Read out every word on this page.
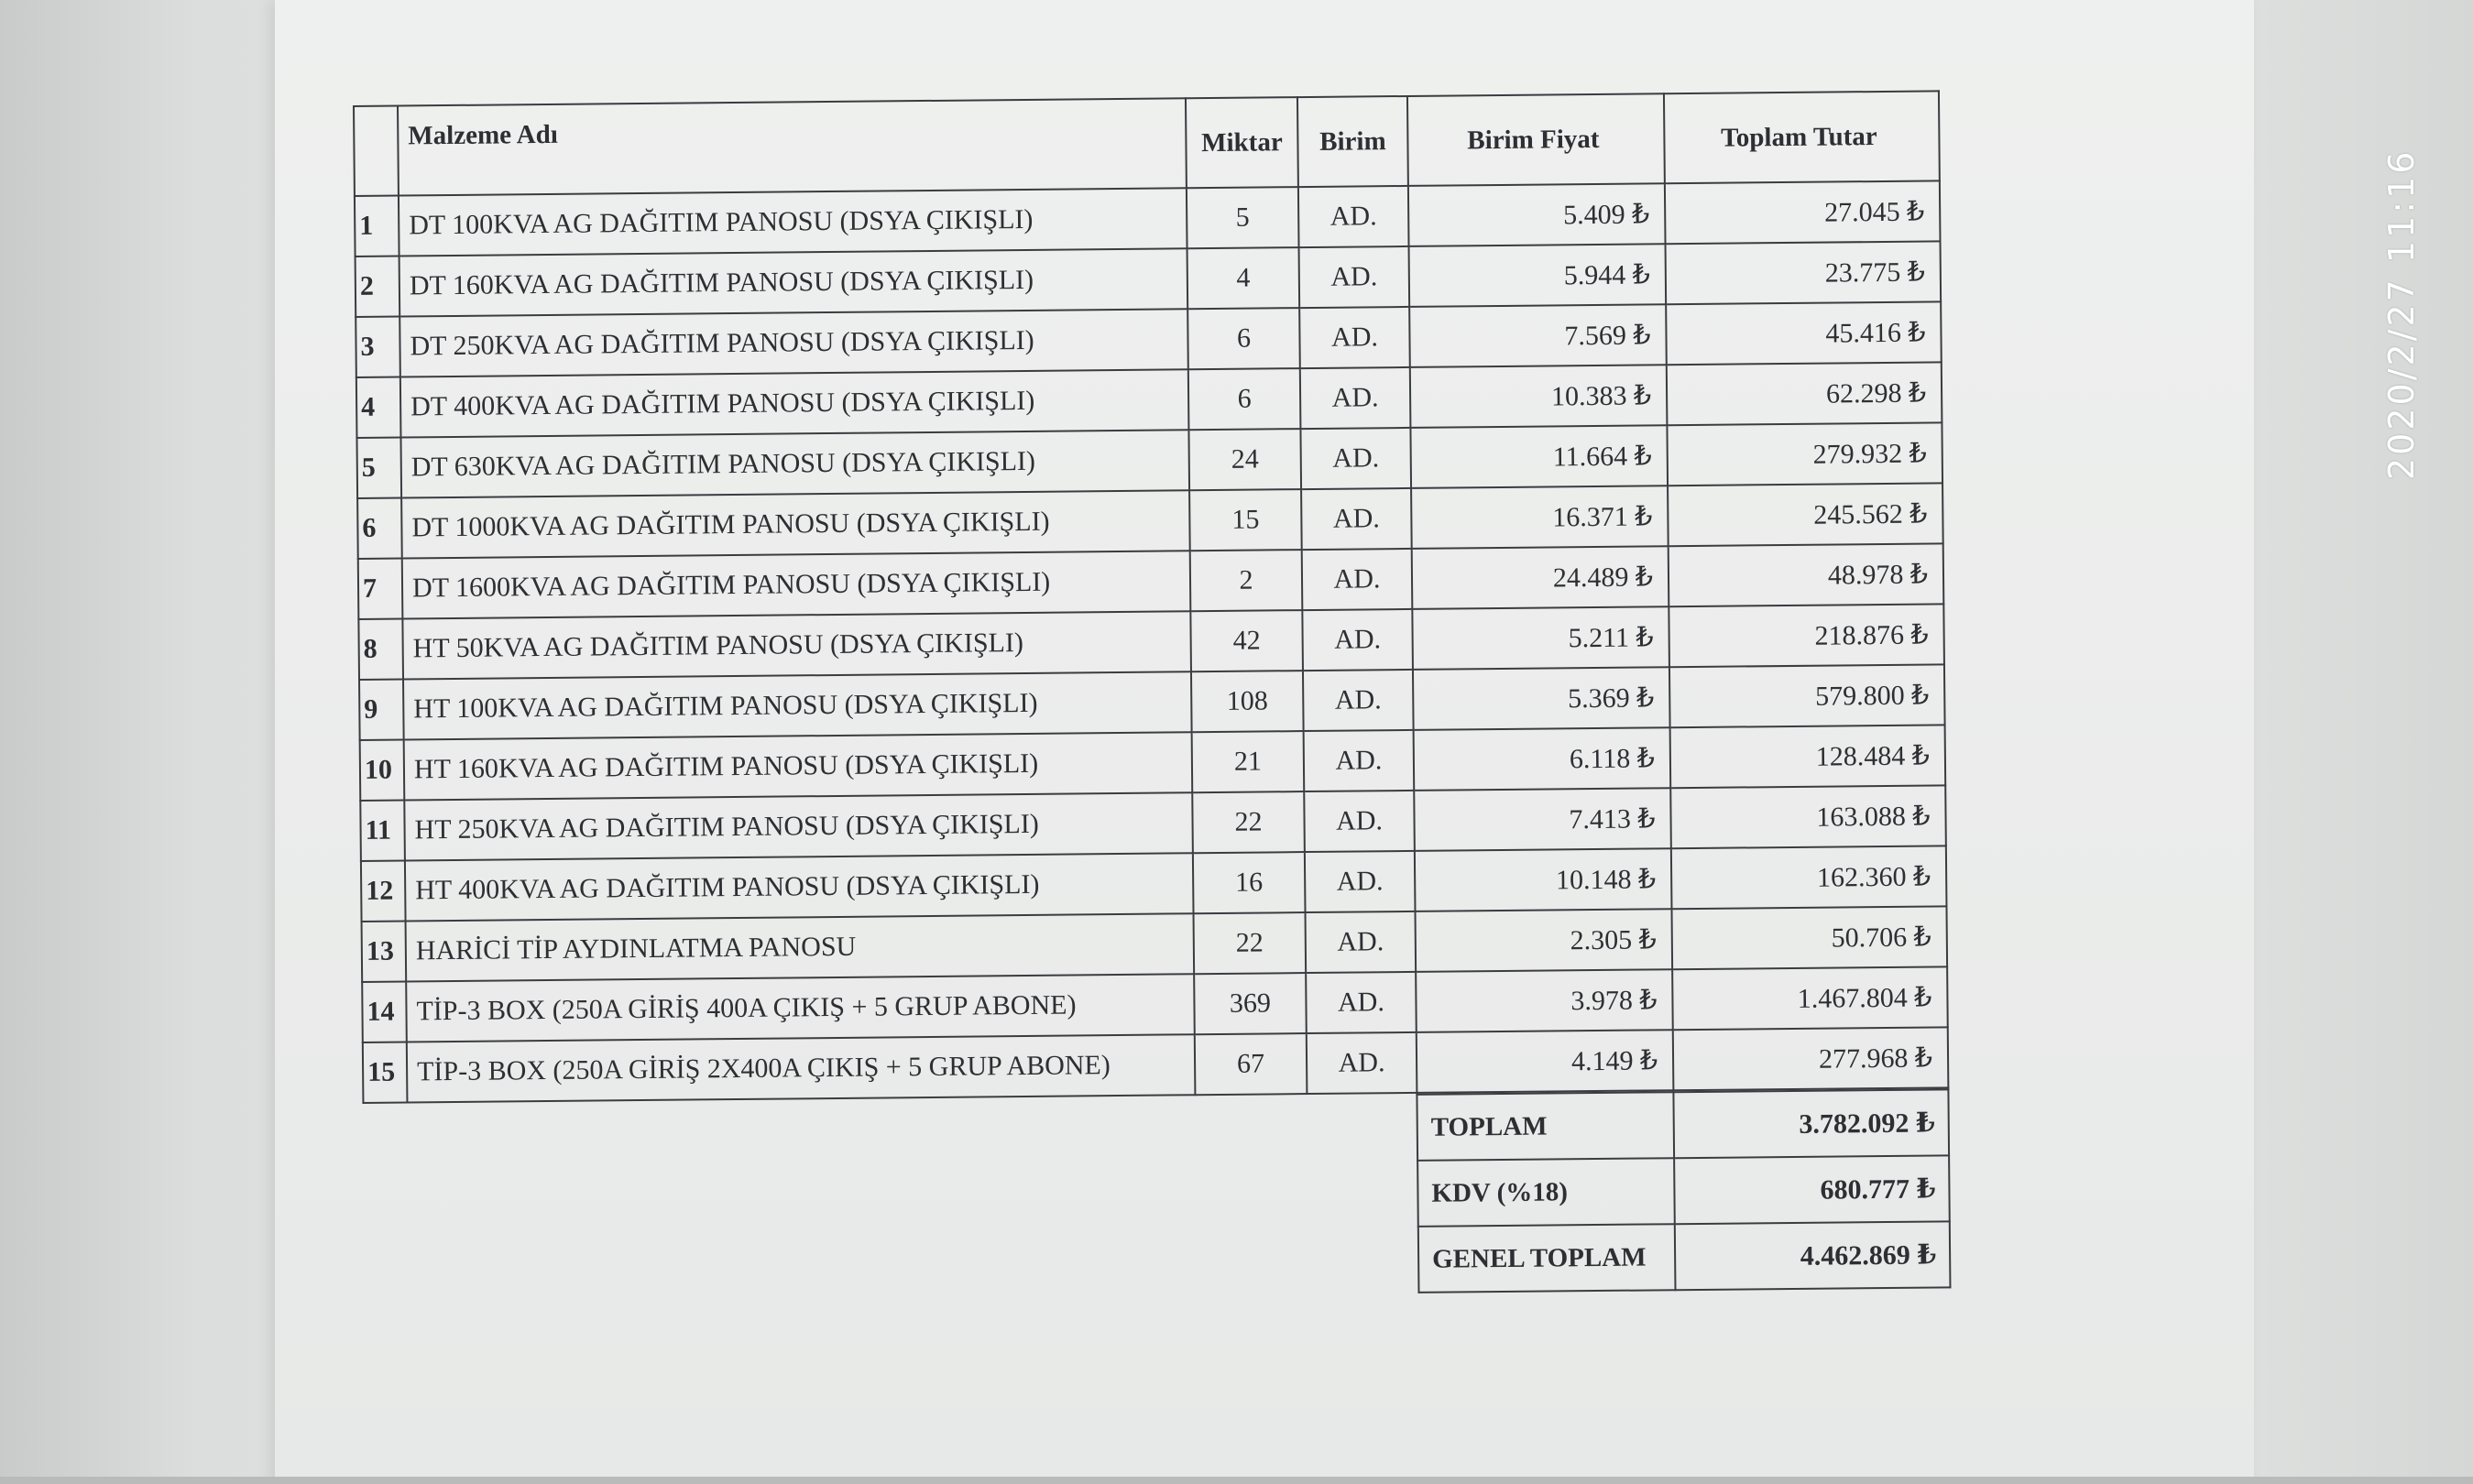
	Malzeme Adı	Miktar	Birim	Birim Fiyat	Toplam Tutar
1	DT 100KVA AG DAĞITIM PANOSU (DSYA ÇIKIŞLI)	5	AD.	5.409 ₺	27.045 ₺
2	DT 160KVA AG DAĞITIM PANOSU (DSYA ÇIKIŞLI)	4	AD.	5.944 ₺	23.775 ₺
3	DT 250KVA AG DAĞITIM PANOSU (DSYA ÇIKIŞLI)	6	AD.	7.569 ₺	45.416 ₺
4	DT 400KVA AG DAĞITIM PANOSU (DSYA ÇIKIŞLI)	6	AD.	10.383 ₺	62.298 ₺
5	DT 630KVA AG DAĞITIM PANOSU (DSYA ÇIKIŞLI)	24	AD.	11.664 ₺	279.932 ₺
6	DT 1000KVA AG DAĞITIM PANOSU (DSYA ÇIKIŞLI)	15	AD.	16.371 ₺	245.562 ₺
7	DT 1600KVA AG DAĞITIM PANOSU (DSYA ÇIKIŞLI)	2	AD.	24.489 ₺	48.978 ₺
8	HT 50KVA AG DAĞITIM PANOSU (DSYA ÇIKIŞLI)	42	AD.	5.211 ₺	218.876 ₺
9	HT 100KVA AG DAĞITIM PANOSU (DSYA ÇIKIŞLI)	108	AD.	5.369 ₺	579.800 ₺
10	HT 160KVA AG DAĞITIM PANOSU (DSYA ÇIKIŞLI)	21	AD.	6.118 ₺	128.484 ₺
11	HT 250KVA AG DAĞITIM PANOSU (DSYA ÇIKIŞLI)	22	AD.	7.413 ₺	163.088 ₺
12	HT 400KVA AG DAĞITIM PANOSU (DSYA ÇIKIŞLI)	16	AD.	10.148 ₺	162.360 ₺
13	HARİCİ TİP AYDINLATMA PANOSU	22	AD.	2.305 ₺	50.706 ₺
14	TİP-3 BOX (250A GİRİŞ 400A ÇIKIŞ + 5 GRUP ABONE)	369	AD.	3.978 ₺	1.467.804 ₺
15	TİP-3 BOX (250A GİRİŞ 2X400A ÇIKIŞ + 5 GRUP ABONE)	67	AD.	4.149 ₺	277.968 ₺
TOPLAM	3.782.092 ₺
KDV (%18)	680.777 ₺
GENEL TOPLAM	4.462.869 ₺
2020/2/27 11:16
